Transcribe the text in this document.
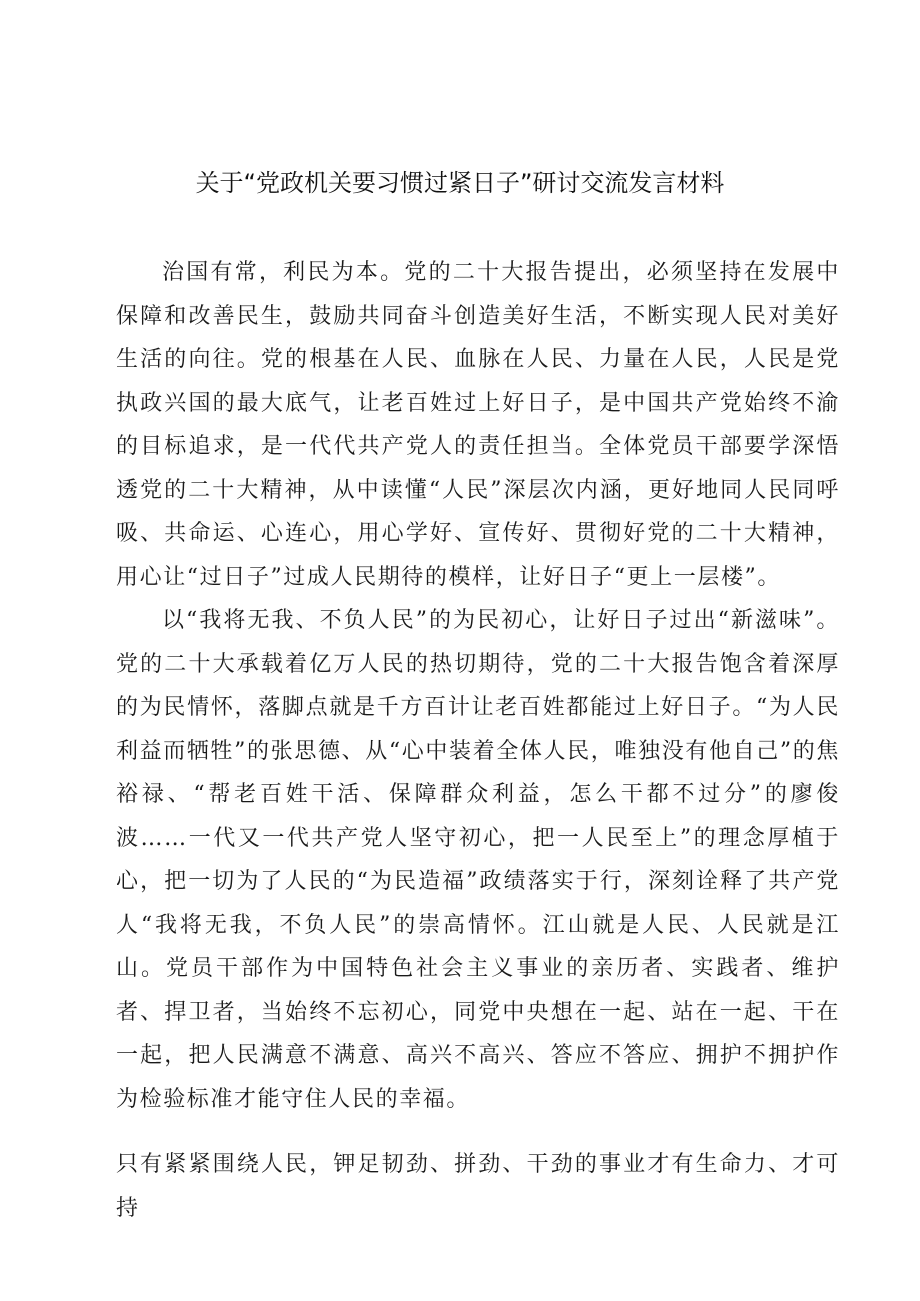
关于“党政机关要习惯过紧日子”研讨交流发言材料

治国有常，利民为本。党的二十大报告提出，必须坚持在发展中保障和改善民生，鼓励共同奋斗创造美好生活，不断实现人民对美好生活的向往。党的根基在人民、血脉在人民、力量在人民，人民是党执政兴国的最大底气，让老百姓过上好日子，是中国共产党始终不渝的目标追求，是一代代共产党人的责任担当。全体党员干部要学深悟透党的二十大精神，从中读懂“人民”深层次内涵，更好地同人民同呼吸、共命运、心连心，用心学好、宣传好、贯彻好党的二十大精神，用心让“过日子”过成人民期待的模样，让好日子“更上一层楼”。

以“我将无我、不负人民”的为民初心，让好日子过出“新滋味”。党的二十大承载着亿万人民的热切期待，党的二十大报告饱含着深厚的为民情怀，落脚点就是千方百计让老百姓都能过上好日子。“为人民利益而牺牲”的张思德、从“心中装着全体人民，唯独没有他自己”的焦裕禄、“帮老百姓干活、保障群众利益，怎么干都不过分”的廖俊波……一代又一代共产党人坚守初心，把一人民至上”的理念厚植于心，把一切为了人民的“为民造福”政绩落实于行，深刻诠释了共产党人“我将无我，不负人民”的崇高情怀。江山就是人民、人民就是江山。党员干部作为中国特色社会主义事业的亲历者、实践者、维护者、捍卫者，当始终不忘初心，同党中央想在一起、站在一起、干在一起，把人民满意不满意、高兴不高兴、答应不答应、拥护不拥护作为检验标准才能守住人民的幸福。

只有紧紧围绕人民，钾足韧劲、拼劲、干劲的事业才有生命力、才可持
